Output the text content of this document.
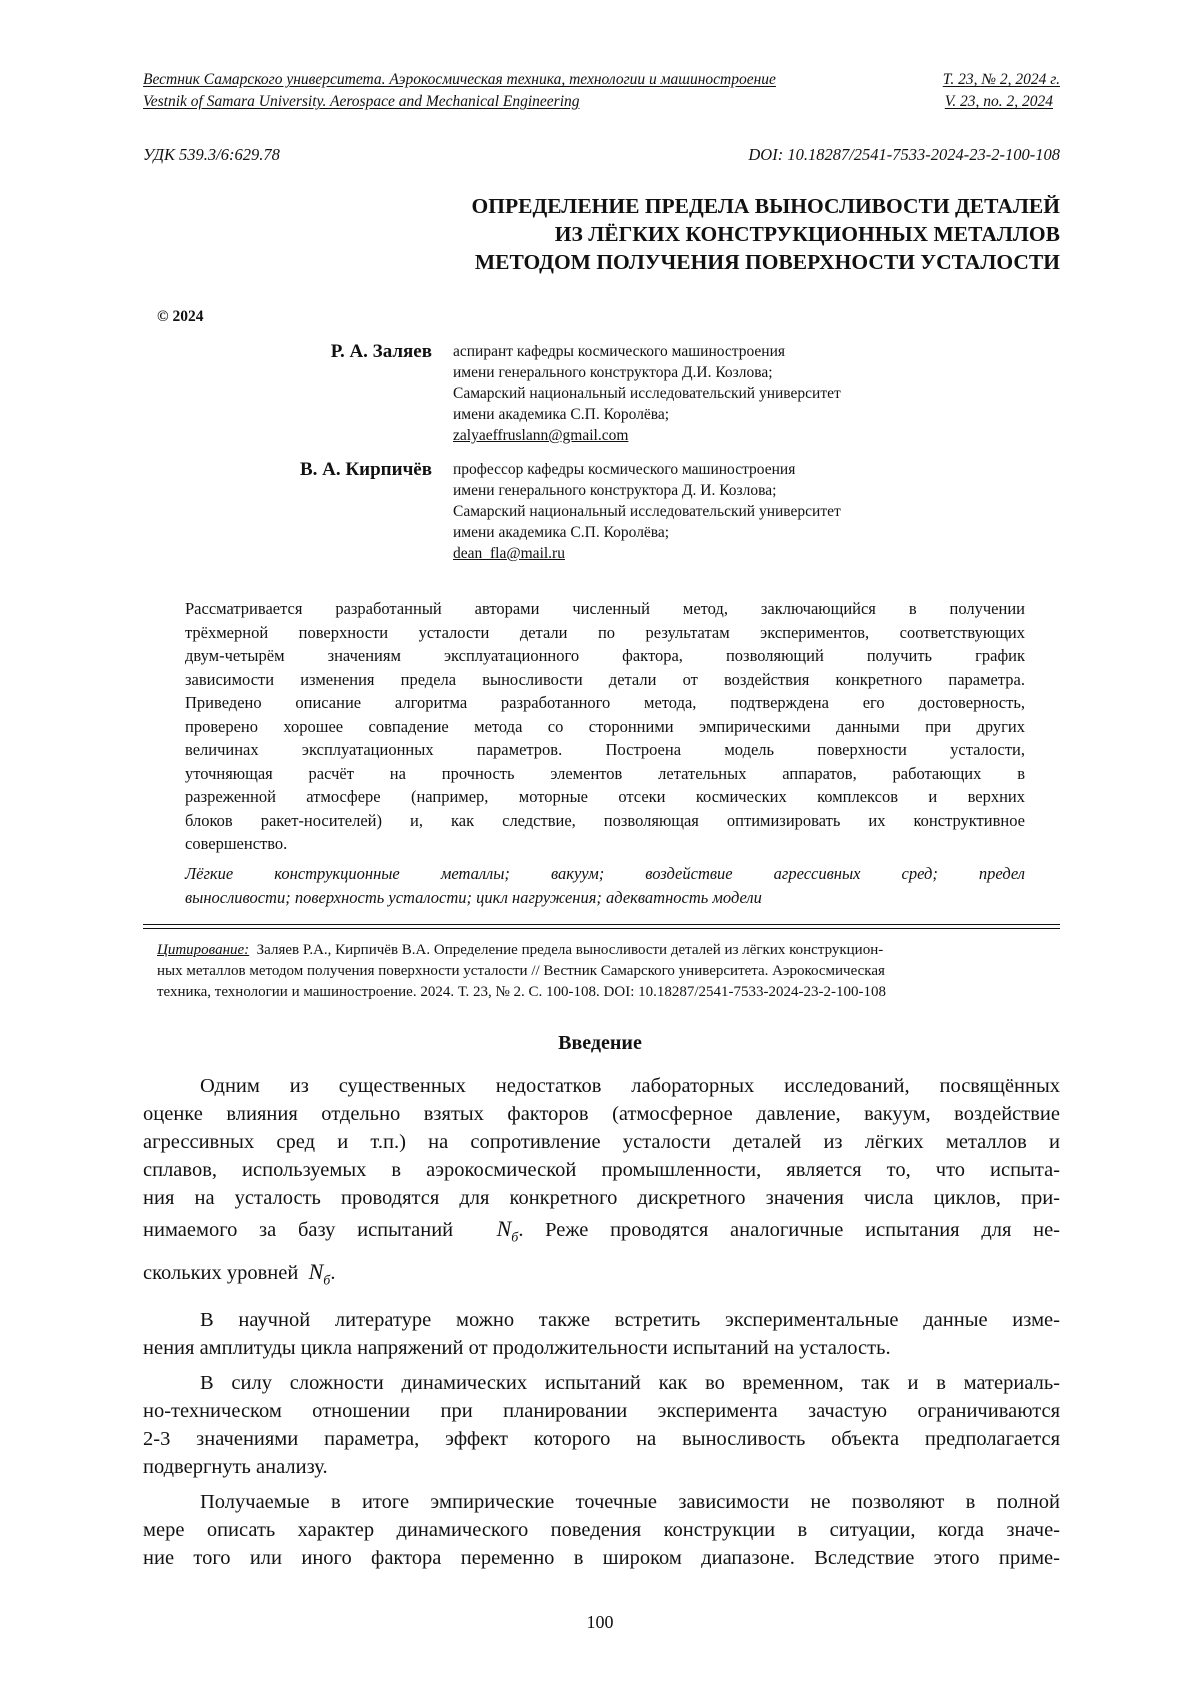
Вестник Самарского университета. Аэрокосмическая техника, технологии и машиностроение	Т. 23, № 2, 2024 г.
Vestnik of Samara University. Aerospace and Mechanical Engineering	V. 23, no. 2, 2024
УДК 539.3/6:629.78	DOI: 10.18287/2541-7533-2024-23-2-100-108
ОПРЕДЕЛЕНИЕ ПРЕДЕЛА ВЫНОСЛИВОСТИ ДЕТАЛЕЙ
ИЗ ЛЁГКИХ КОНСТРУКЦИОННЫХ МЕТАЛЛОВ
МЕТОДОМ ПОЛУЧЕНИЯ ПОВЕРХНОСТИ УСТАЛОСТИ
© 2024
Р. А. Заляев аспирант кафедры космического машиностроения
имени генерального конструктора Д.И. Козлова;
Самарский национальный исследовательский университет
имени академика С.П. Королёва;
zalyaeffruslann@gmail.com
В. А. Кирпичёв профессор кафедры космического машиностроения
имени генерального конструктора Д. И. Козлова;
Самарский национальный исследовательский университет
имени академика С.П. Королёва;
dean_fla@mail.ru

Рассматривается разработанный авторами численный метод, заключающийся в получении

трёхмерной поверхности усталости детали по результатам экспериментов, соответствующих

двум-четырём значениям эксплуатационного фактора, позволяющий получить график

зависимости изменения предела выносливости детали от воздействия конкретного параметра.

Приведено описание алгоритма разработанного метода, подтверждена его достоверность,

проверено хорошее совпадение метода со сторонними эмпирическими данными при других

величинах эксплуатационных параметров. Построена модель поверхности усталости,

уточняющая расчёт на прочность элементов летательных аппаратов, работающих в

разреженной атмосфере (например, моторные отсеки космических комплексов и верхних

блоков ракет-носителей) и, как следствие, позволяющая оптимизировать их конструктивное

совершенство.

Лёгкие конструкционные металлы; вакуум; воздействие агрессивных сред; предел

выносливости; поверхность усталости; цикл нагружения; адекватность модели

Цитирование: Заляев Р.А., Кирпичёв В.А. Определение предела выносливости деталей из лёгких конструкцион-
ных металлов методом получения поверхности усталости // Вестник Самарского университета. Аэрокосмическая
техника, технологии и машиностроение. 2024. Т. 23, № 2. С. 100-108. DOI: 10.18287/2541-7533-2024-23-2-100-108
Введение
Одним из существенных недостатков лабораторных исследований, посвящённых
оценке влияния отдельно взятых факторов (атмосферное давление, вакуум, воздействие
агрессивных сред и т.п.) на сопротивление усталости деталей из лёгких металлов и
сплавов, используемых в аэрокосмической промышленности, является то, что испыта-
ния на усталость проводятся для конкретного дискретного значения числа циклов, при-
нимаемого за базу испытаний $N_б$. Реже проводятся аналогичные испытания для не-
скольких уровней $N_б$.
В научной литературе можно также встретить экспериментальные данные изме-
нения амплитуды цикла напряжений от продолжительности испытаний на усталость.
В силу сложности динамических испытаний как во временном, так и в материаль-
но-техническом отношении при планировании эксперимента зачастую ограничиваются
2-3 значениями параметра, эффект которого на выносливость объекта предполагается
подвергнуть анализу.
Получаемые в итоге эмпирические точечные зависимости не позволяют в полной
мере описать характер динамического поведения конструкции в ситуации, когда значе-
ние того или иного фактора переменно в широком диапазоне. Вследствие этого приме-
100
